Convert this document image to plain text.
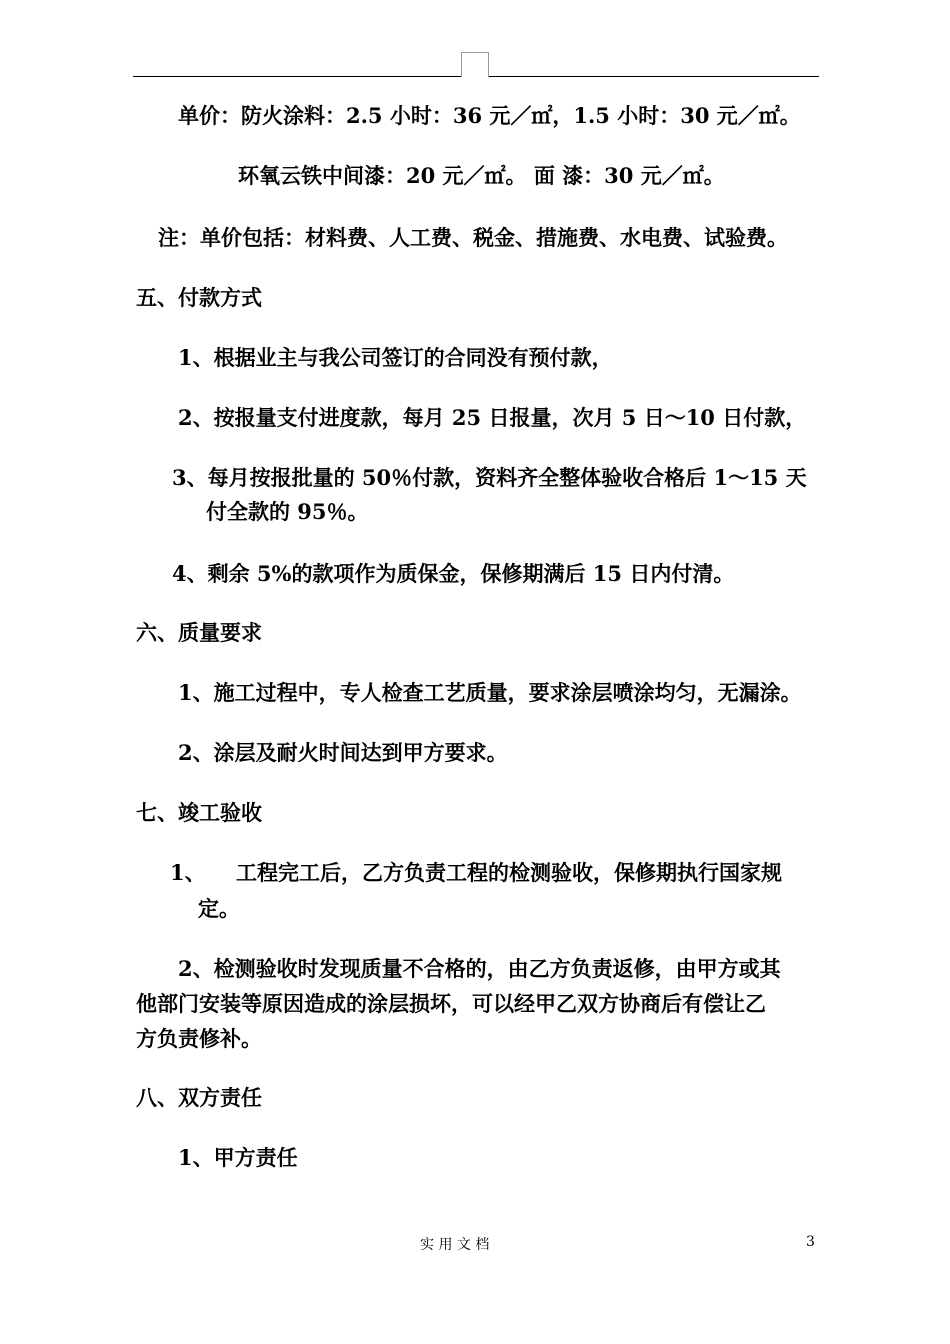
单价：防火涂料：2.5 小时：36 元／㎡，1.5 小时：30 元／㎡。
环氧云铁中间漆：20 元／㎡。 面 漆：30 元／㎡。
注：单价包括：材料费、人工费、税金、措施费、水电费、试验费。
五、付款方式
1、根据业主与我公司签订的合同没有预付款，
2、按报量支付进度款，每月 25 日报量，次月 5 日～10 日付款，
3、每月按报批量的 50％付款，资料齐全整体验收合格后 1～15 天
付全款的 95％。
4、剩余 5%的款项作为质保金，保修期满后 15 日内付清。
六、质量要求
1、施工过程中，专人检查工艺质量，要求涂层喷涂均匀，无漏涂。
2、涂层及耐火时间达到甲方要求。
七、竣工验收
1、 工程完工后，乙方负责工程的检测验收，保修期执行国家规
定。
2、检测验收时发现质量不合格的，由乙方负责返修，由甲方或其
他部门安装等原因造成的涂层损坏，可以经甲乙双方协商后有偿让乙
方负责修补。
八、双方责任
1、甲方责任
实 用 文 档	3
